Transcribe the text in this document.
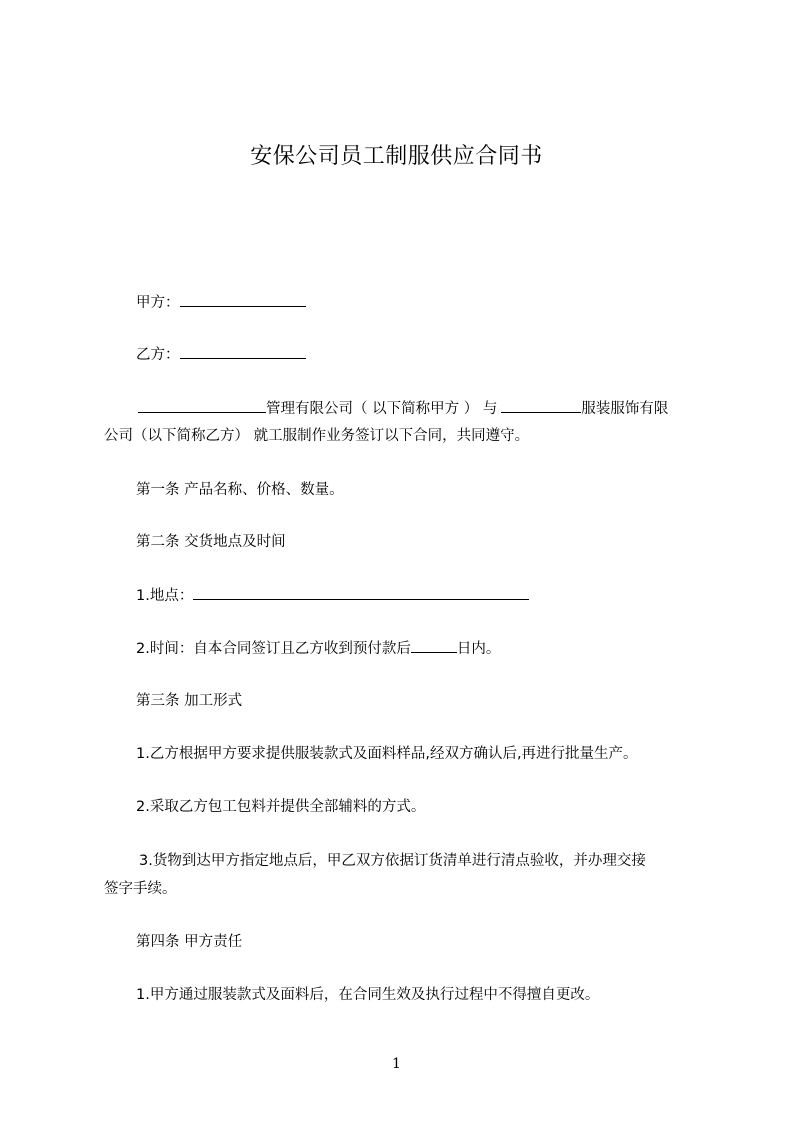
安保公司员工制服供应合同书
甲方：
乙方：
管理有限公司（ 以下简称甲方 ） 与	服装服饰有限
公司（以下简称乙方） 就工服制作业务签订以下合同，共同遵守。
第一条 产品名称、价格、数量。
第二条 交货地点及时间
1.地点：
2.时间：自本合同签订且乙方收到预付款后	日内。
第三条 加工形式
1.乙方根据甲方要求提供服装款式及面料样品,经双方确认后,再进行批量生产。
2.采取乙方包工包料并提供全部辅料的方式。
3.货物到达甲方指定地点后，甲乙双方依据订货清单进行清点验收，并办理交接
签字手续。
第四条 甲方责任
1.甲方通过服装款式及面料后，在合同生效及执行过程中不得擅自更改。
1
